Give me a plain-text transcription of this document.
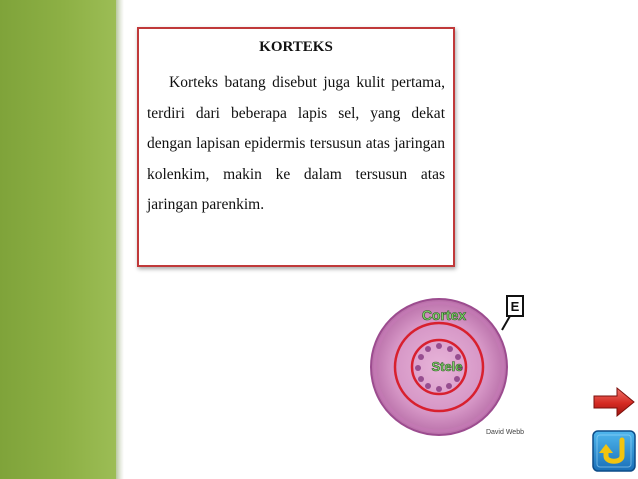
KORTEKS

Korteks batang disebut juga kulit pertama, terdiri dari beberapa lapis sel, yang dekat dengan lapisan epidermis tersusun atas jaringan kolenkim, makin ke dalam tersusun atas jaringan parenkim.

Cortex
Stele
E
David Webb
